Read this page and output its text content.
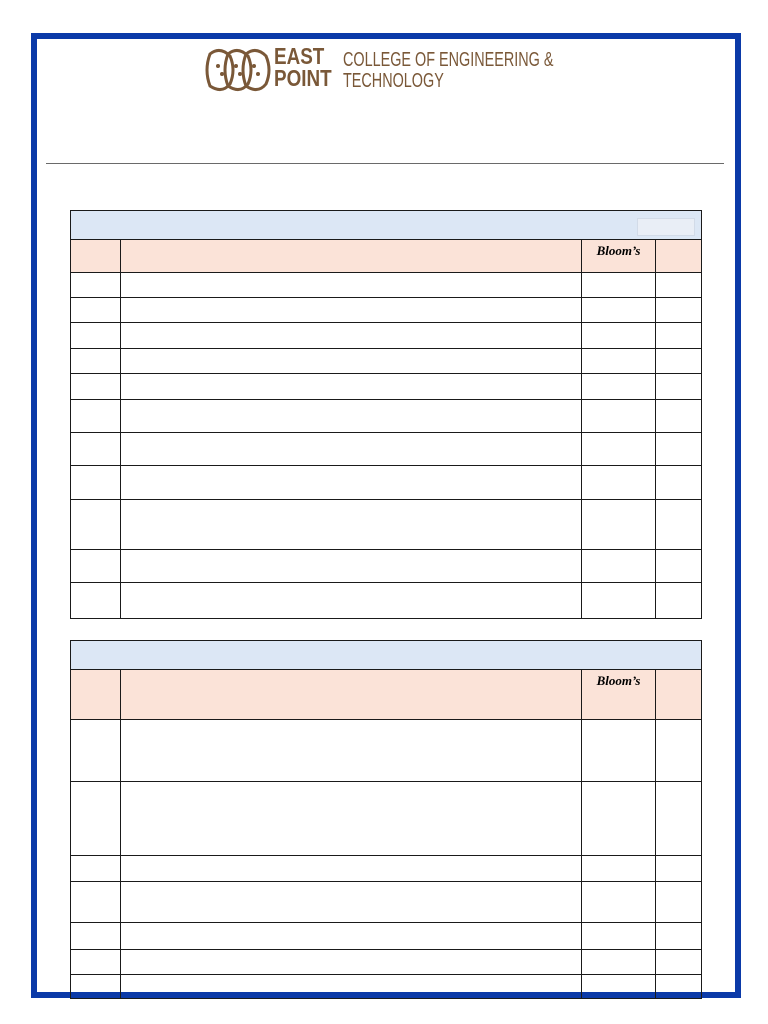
EAST
POINT
COLLEGE OF ENGINEERING &
TECHNOLOGY

		Bloom’s	

		Bloom’s	
